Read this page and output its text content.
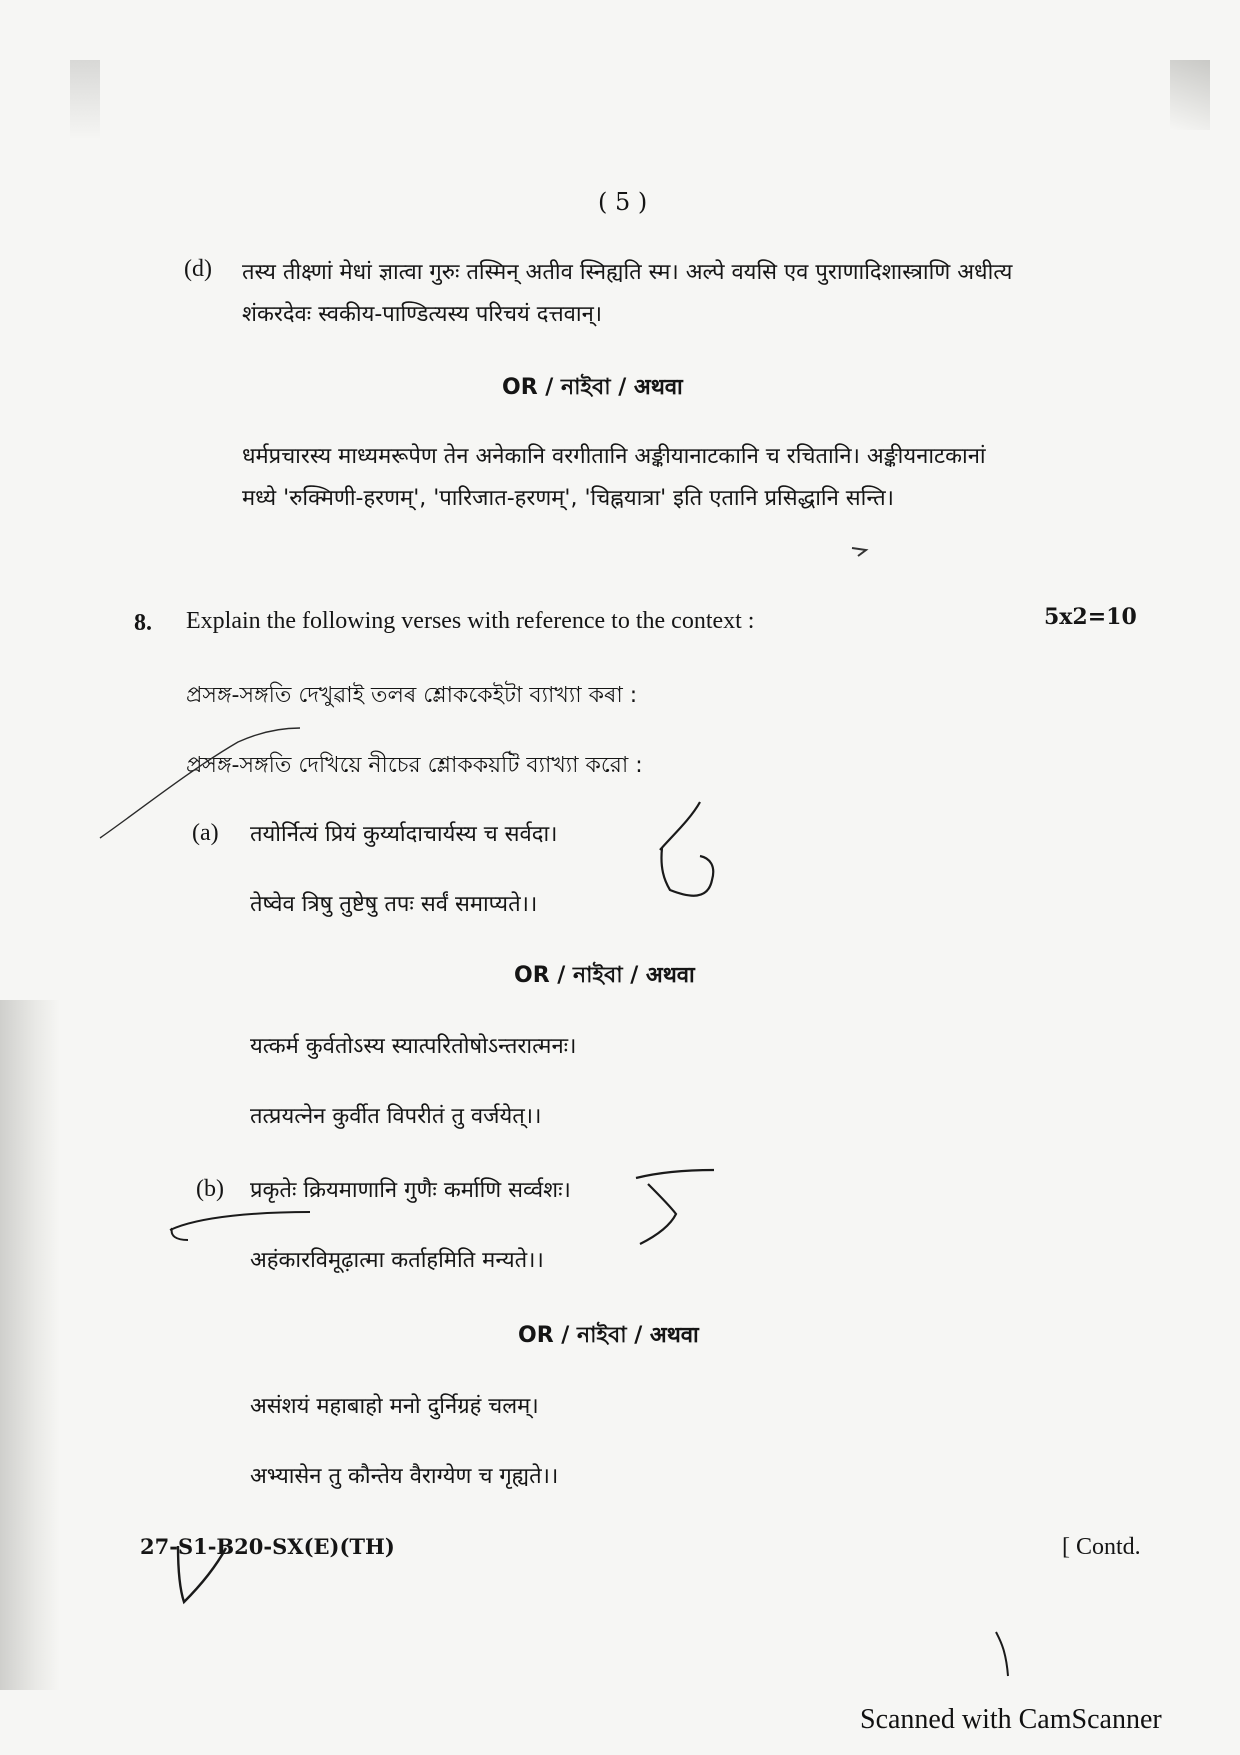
( 5 )
(d) तस्य तीक्ष्णां मेधां ज्ञात्वा गुरुः तस्मिन् अतीव स्निह्यति स्म। अल्पे वयसि एव पुराणादिशास्त्राणि अधीत्य
शंकरदेवः स्वकीय-पाण्डित्यस्य परिचयं दत्तवान्।
OR / নাইবা / अथवा
धर्मप्रचारस्य माध्यमरूपेण तेन अनेकानि वरगीतानि अङ्कीयानाटकानि च रचितानि। अङ्कीयनाटकानां
मध्ये 'रुक्मिणी-हरणम्', 'पारिजात-हरणम्', 'चिह्नयात्रा' इति एतानि प्रसिद्धानि सन्ति।
8. Explain the following verses with reference to the context :	5x2=10
প্ৰসঙ্গ-সঙ্গতি দেখুৱাই তলৰ শ্লোককেইটা ব্যাখ্যা কৰা :
প্রসঙ্গ-সঙ্গতি দেখিয়ে নীচের শ্লোককয়টি ব্যাখ্যা করো :
(a) तयोर्नित्यं प्रियं कुर्य्यादाचार्यस्य च सर्वदा।
तेष्वेव त्रिषु तुष्टेषु तपः सर्वं समाप्यते।।
OR / নাইবা / अथवा
यत्कर्म कुर्वतोऽस्य स्यात्परितोषोऽन्तरात्मनः।
तत्प्रयत्नेन कुर्वीत विपरीतं तु वर्जयेत्।।
(b) प्रकृतेः क्रियमाणानि गुणैः कर्माणि सर्व्वशः।
अहंकारविमूढ़ात्मा कर्ताहमिति मन्यते।।
OR / নাইবা / अथवा
असंशयं महाबाहो मनो दुर्निग्रहं चलम्।
अभ्यासेन तु कौन्तेय वैराग्येण च गृह्यते।।
27-S1-B20-SX(E)(TH)	[ Contd.
Scanned with CamScanner
